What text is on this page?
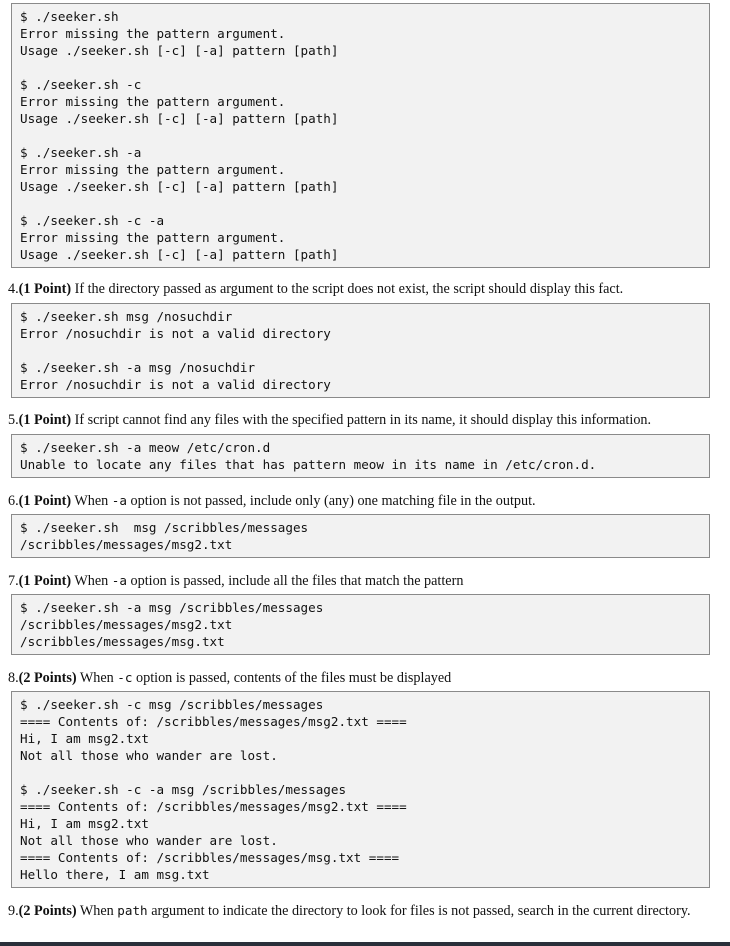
$ ./seeker.sh
Error missing the pattern argument.
Usage ./seeker.sh [-c] [-a] pattern [path]
$ ./seeker.sh -c
Error missing the pattern argument.
Usage ./seeker.sh [-c] [-a] pattern [path]
$ ./seeker.sh -a
Error missing the pattern argument.
Usage ./seeker.sh [-c] [-a] pattern [path]
$ ./seeker.sh -c -a
Error missing the pattern argument.
Usage ./seeker.sh [-c] [-a] pattern [path]
4.(1 Point) If the directory passed as argument to the script does not exist, the script should display this fact.
$ ./seeker.sh msg /nosuchdir
Error /nosuchdir is not a valid directory
$ ./seeker.sh -a msg /nosuchdir
Error /nosuchdir is not a valid directory
5.(1 Point) If script cannot find any files with the specified pattern in its name, it should display this information.
$ ./seeker.sh -a meow /etc/cron.d
Unable to locate any files that has pattern meow in its name in /etc/cron.d.
6.(1 Point) When -a option is not passed, include only (any) one matching file in the output.
$ ./seeker.sh  msg /scribbles/messages
/scribbles/messages/msg2.txt
7.(1 Point) When -a option is passed, include all the files that match the pattern
$ ./seeker.sh -a msg /scribbles/messages
/scribbles/messages/msg2.txt
/scribbles/messages/msg.txt
8.(2 Points) When -c option is passed, contents of the files must be displayed
$ ./seeker.sh -c msg /scribbles/messages
==== Contents of: /scribbles/messages/msg2.txt ====
Hi, I am msg2.txt
Not all those who wander are lost.
$ ./seeker.sh -c -a msg /scribbles/messages
==== Contents of: /scribbles/messages/msg2.txt ====
Hi, I am msg2.txt
Not all those who wander are lost.
==== Contents of: /scribbles/messages/msg.txt ====
Hello there, I am msg.txt
9.(2 Points) When path argument to indicate the directory to look for files is not passed, search in the current directory.
